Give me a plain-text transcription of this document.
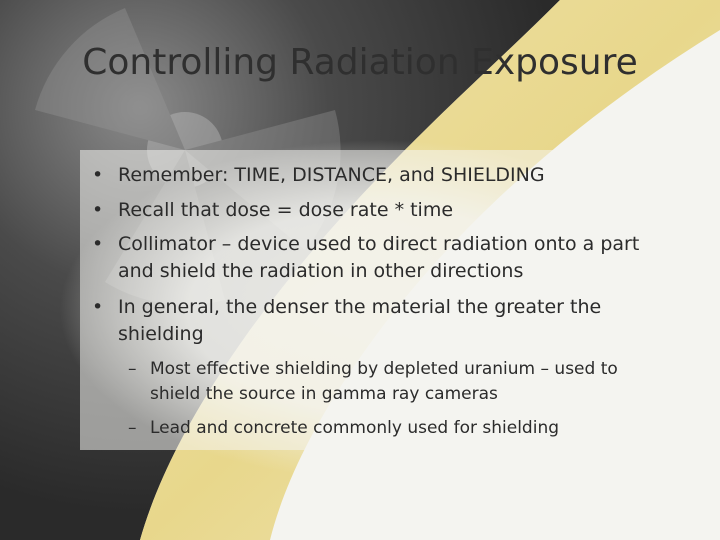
Controlling Radiation Exposure
• Remember: TIME, DISTANCE, and SHIELDING
• Recall that dose = dose rate * time
• Collimator – device used to direct radiation onto a part and shield the radiation in other directions
• In general, the denser the material the greater the shielding
– Most effective shielding by depleted uranium – used to shield the source in gamma ray cameras
– Lead and concrete commonly used for shielding
